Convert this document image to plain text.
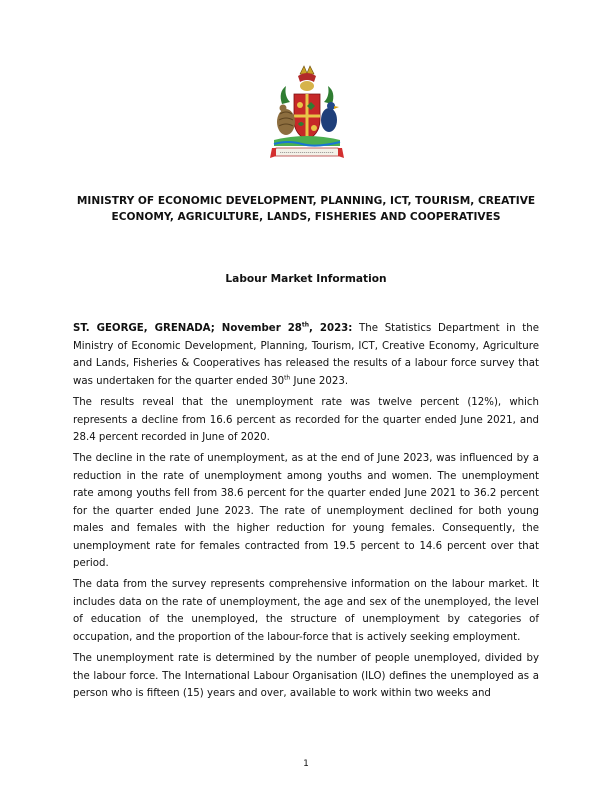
MINISTRY OF ECONOMIC DEVELOPMENT, PLANNING, ICT, TOURISM, CREATIVE ECONOMY, AGRICULTURE, LANDS, FISHERIES AND COOPERATIVES
Labour Market Information

ST. GEORGE, GRENADA; November 28th, 2023: The Statistics Department in the Ministry of Economic Development, Planning, Tourism, ICT, Creative Economy, Agriculture and Lands, Fisheries & Cooperatives has released the results of a labour force survey that was undertaken for the quarter ended 30th June 2023.

The results reveal that the unemployment rate was twelve percent (12%), which represents a decline from 16.6 percent as recorded for the quarter ended June 2021, and 28.4 percent recorded in June of 2020.

The decline in the rate of unemployment, as at the end of June 2023, was influenced by a reduction in the rate of unemployment among youths and women. The unemployment rate among youths fell from 38.6 percent for the quarter ended June 2021 to 36.2 percent for the quarter ended June 2023. The rate of unemployment declined for both young males and females with the higher reduction for young females. Consequently, the unemployment rate for females contracted from 19.5 percent to 14.6 percent over that period.

The data from the survey represents comprehensive information on the labour market. It includes data on the rate of unemployment, the age and sex of the unemployed, the level of education of the unemployed, the structure of unemployment by categories of occupation, and the proportion of the labour-force that is actively seeking employment.

The unemployment rate is determined by the number of people unemployed, divided by the labour force. The International Labour Organisation (ILO) defines the unemployed as a person who is fifteen (15) years and over, available to work within two weeks and

1
